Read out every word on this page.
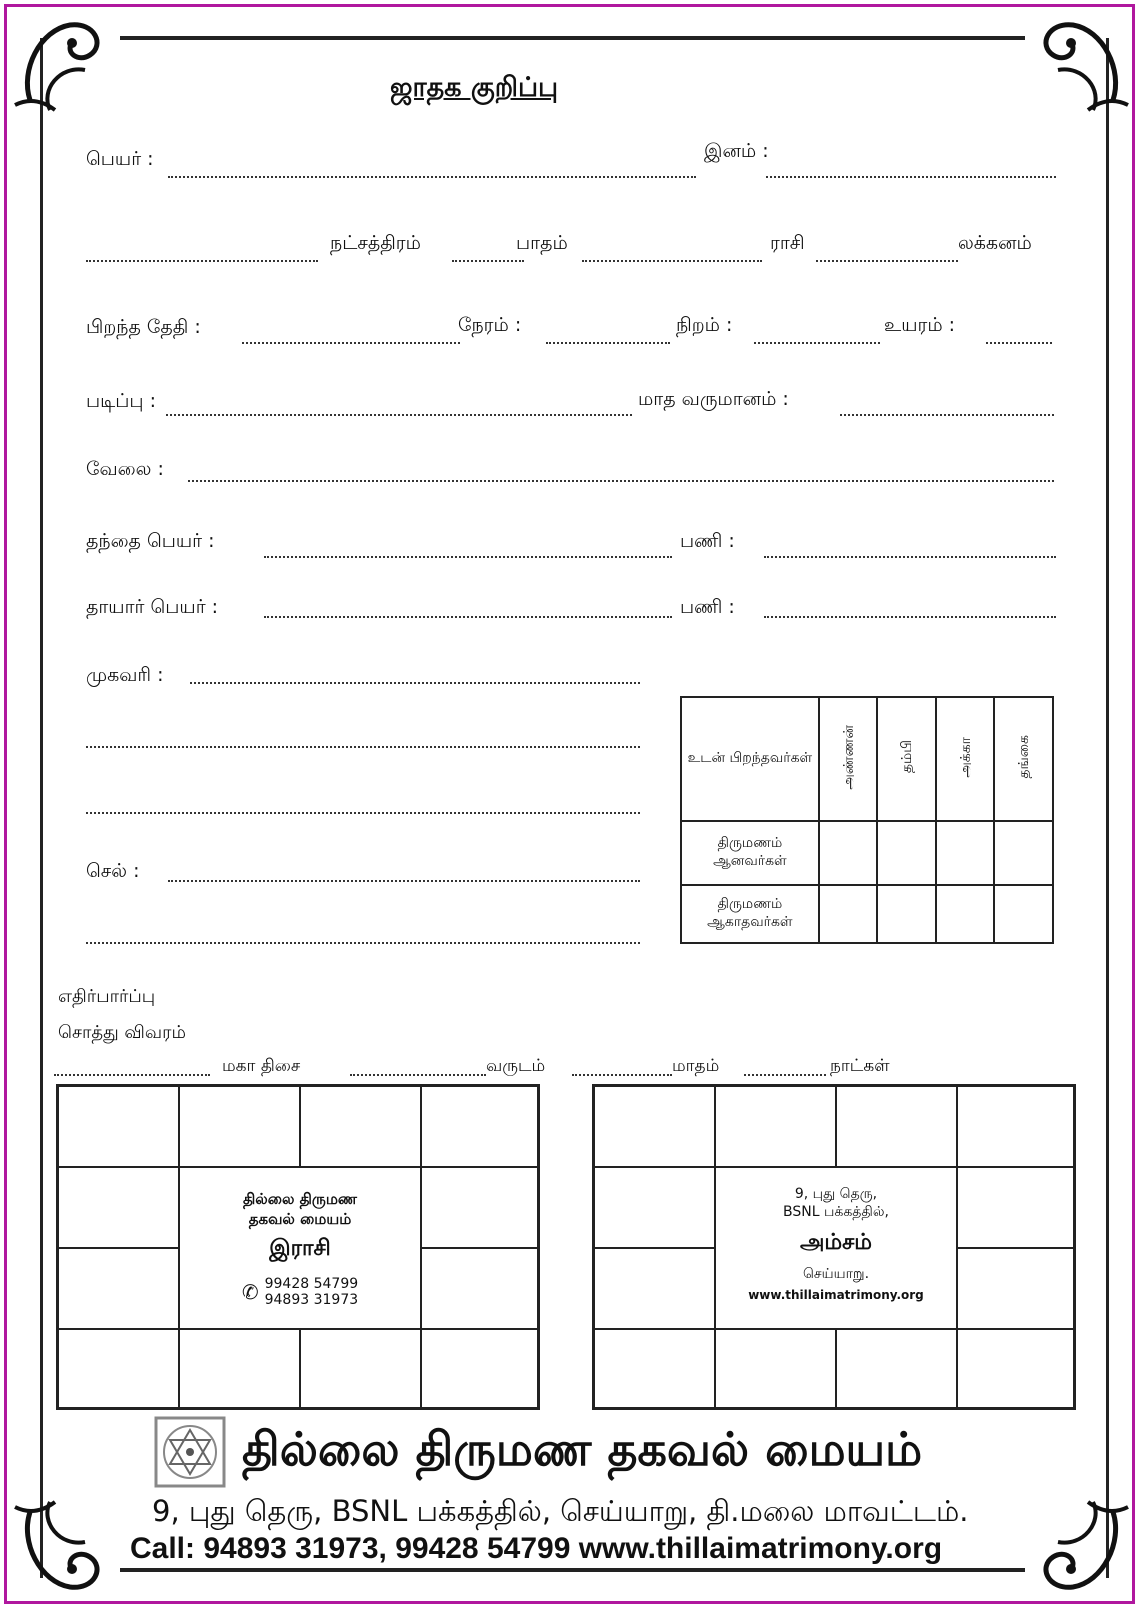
ஜாதக குறிப்பு
பெயர் :	இனம் :
நட்சத்திரம்	பாதம்	ராசி	லக்கனம்
பிறந்த தேதி :	நேரம் :	நிறம் :	உயரம் :
படிப்பு :	மாத வருமானம் :
வேலை :
தந்தை பெயர் :	பணி :
தாயார் பெயர் :	பணி :
முகவரி :
செல் :
உடன் பிறந்தவர்கள்	அண்ணன்	தம்பி	அக்கா	தங்கை
திருமணம் ஆனவர்கள்				
திருமணம் ஆகாதவர்கள்				
எதிர்பார்ப்பு
சொத்து விவரம்
மகா திசை	வருடம்	மாதம்	நாட்கள்
தில்லை திருமண
தகவல் மையம்
இராசி
✆ 99428 54799
94893 31973
9, புது தெரு,
BSNL பக்கத்தில்,
அம்சம்
செய்யாறு.
www.thillaimatrimony.org
தில்லை திருமண தகவல் மையம்
9, புது தெரு, BSNL பக்கத்தில், செய்யாறு, தி.மலை மாவட்டம்.
Call: 94893 31973, 99428 54799 www.thillaimatrimony.org
